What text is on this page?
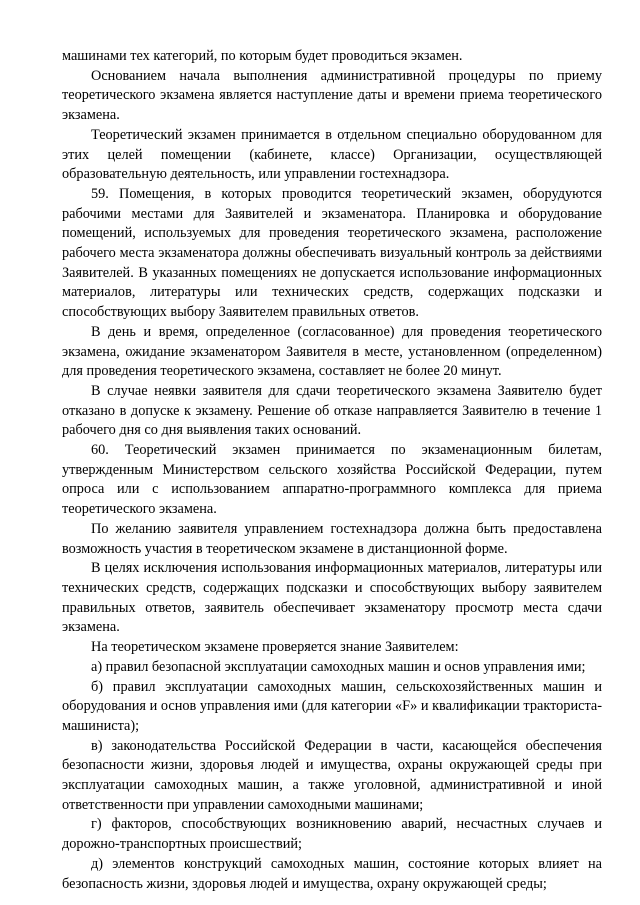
машинами тех категорий, по которым будет проводиться экзамен.

Основанием начала выполнения административной процедуры по приему теоретического экзамена является наступление даты и времени приема теоретического экзамена.

Теоретический экзамен принимается в отдельном специально оборудованном для этих целей помещении (кабинете, классе) Организации, осуществляющей образовательную деятельность, или управлении гостехнадзора.

59. Помещения, в которых проводится теоретический экзамен, оборудуются рабочими местами для Заявителей и экзаменатора. Планировка и оборудование помещений, используемых для проведения теоретического экзамена, расположение рабочего места экзаменатора должны обеспечивать визуальный контроль за действиями Заявителей. В указанных помещениях не допускается использование информационных материалов, литературы или технических средств, содержащих подсказки и способствующих выбору Заявителем правильных ответов.

В день и время, определенное (согласованное) для проведения теоретического экзамена, ожидание экзаменатором Заявителя в месте, установленном (определенном) для проведения теоретического экзамена, составляет не более 20 минут.

В случае неявки заявителя для сдачи теоретического экзамена Заявителю будет отказано в допуске к экзамену. Решение об отказе направляется Заявителю в течение 1 рабочего дня со дня выявления таких оснований.

60. Теоретический экзамен принимается по экзаменационным билетам, утвержденным Министерством сельского хозяйства Российской Федерации, путем опроса или с использованием аппаратно-программного комплекса для приема теоретического экзамена.

По желанию заявителя управлением гостехнадзора должна быть предоставлена возможность участия в теоретическом экзамене в дистанционной форме.

В целях исключения использования информационных материалов, литературы или технических средств, содержащих подсказки и способствующих выбору заявителем правильных ответов, заявитель обеспечивает экзаменатору просмотр места сдачи экзамена.

На теоретическом экзамене проверяется знание Заявителем:

а) правил безопасной эксплуатации самоходных машин и основ управления ими;

б) правил эксплуатации самоходных машин, сельскохозяйственных машин и оборудования и основ управления ими (для категории «F» и квалификации тракториста-машиниста);

в) законодательства Российской Федерации в части, касающейся обеспечения безопасности жизни, здоровья людей и имущества, охраны окружающей среды при эксплуатации самоходных машин, а также уголовной, административной и иной ответственности при управлении самоходными машинами;

г) факторов, способствующих возникновению аварий, несчастных случаев и дорожно-транспортных происшествий;

д) элементов конструкций самоходных машин, состояние которых влияет на безопасность жизни, здоровья людей и имущества, охрану окружающей среды;
